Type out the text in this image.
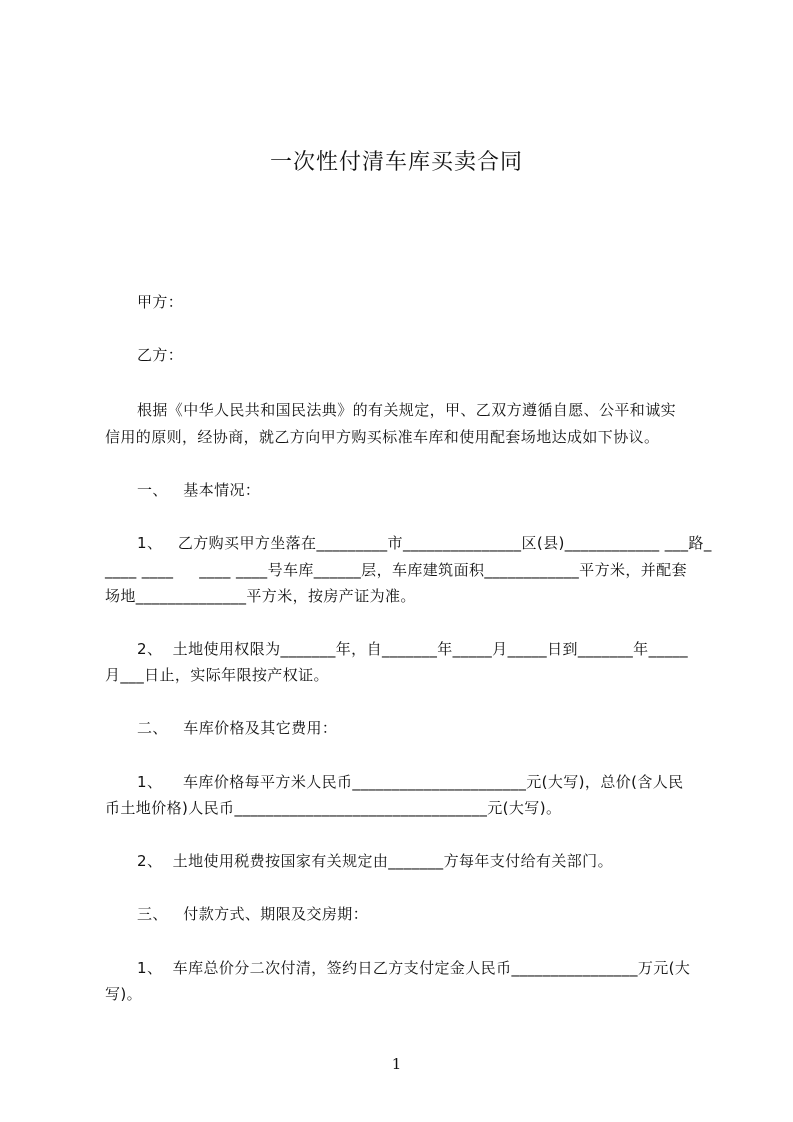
一次性付清车库买卖合同
甲方：
乙方：
根据《中华人民共和国民法典》的有关规定，甲、乙双方遵循自愿、公平和诚实
信用的原则，经协商，就乙方向甲方购买标准车库和使用配套场地达成如下协议。
一、   基本情况：
1、   乙方购买甲方坐落在_________市_______________区(县)____________ ___路_
____ ____     ____ ____号车库______层，车库建筑面积____________平方米，并配套
场地______________平方米，按房产证为准。
2、  土地使用权限为_______年，自_______年_____月_____日到_______年_____
月___日止，实际年限按产权证。
二、   车库价格及其它费用：
1、    车库价格每平方米人民币______________________元(大写)，总价(含人民
币土地价格)人民币________________________________元(大写)。
2、  土地使用税费按国家有关规定由_______方每年支付给有关部门。
三、   付款方式、期限及交房期：
1、  车库总价分二次付清，签约日乙方支付定金人民币________________万元(大
写)。
1
